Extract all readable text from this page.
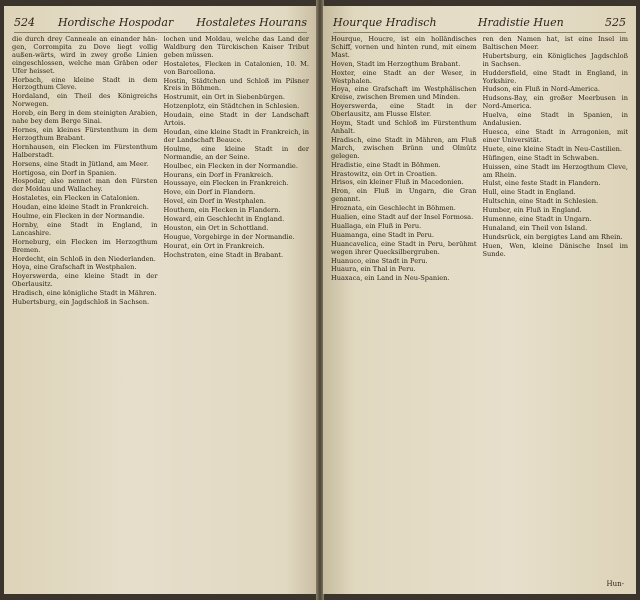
524 Hordische Hospodar Hostaletes Hourans

die durch drey Canneale an einander hän-gen, Corrompita zu Dove liegt vollig außen-wärts, wird in zwey große Linien eingeschlossen, welche man Gräben oder Ufer heisset.

Horbach, eine kleine Stadt in dem Herzogthum Cleve.

Hordaland, ein Theil des Königreichs Norwegen.

Horeb, ein Berg in dem steinigten Arabien, nahe bey dem Berge Sinai.

Hornes, ein kleines Fürstenthum in dem Herzogthum Brabant.

Hornhausen, ein Flecken im Fürstenthum Halberstadt.

Horsens, eine Stadt in Jütland, am Meer.

Hortigosa, ein Dorf in Spanien.

Hospodar, also nennet man den Fürsten der Moldau und Wallachey.

Hostaletes, ein Flecken in Catalonien.

Houdan, eine kleine Stadt in Frankreich.

Houlme, ein Flecken in der Normandie.

Hornby, eine Stadt in England, in Lancashire.

Horneburg, ein Flecken im Herzogthum Bremen.

Hordecht, ein Schloß in den Niederlanden.

Hoya, eine Grafschaft in Westphalen.

Hoyerswerda, eine kleine Stadt in der Oberlausitz.

Hradisch, eine königliche Stadt in Mähren.

Hubertsburg, ein Jagdschloß in Sachsen.

lochen und Moldau, welche das Land der Waldburg den Türckischen Kaiser Tribut geben müssen.

Hostaletes, Flecken in Catalonien, 10. M. von Barcellona.

Hostin, Städtchen und Schloß im Pilsner Kreis in Böhmen.

Hostrumit, ein Ort in Siebenbürgen.

Hotzenplotz, ein Städtchen in Schlesien.

Houdain, eine Stadt in der Landschaft Artois.

Houdan, eine kleine Stadt in Frankreich, in der Landschaft Beauce.

Houlme, eine kleine Stadt in der Normandie, an der Seine.

Houlbec, ein Flecken in der Normandie.

Hourans, ein Dorf in Frankreich.

Houssaye, ein Flecken in Frankreich.

Hove, ein Dorf in Flandern.

Hovel, ein Dorf in Westphalen.

Houthem, ein Flecken in Flandern.

Howard, ein Geschlecht in England.

Houston, ein Ort in Schottland.

Hougue, Vorgebirge in der Normandie.

Hourat, ein Ort in Frankreich.

Hochstraten, eine Stadt in Brabant.

Hourque Hradisch	Hradistie Huen	525

Hourque, Houcre, ist ein holländisches Schiff, vornen und hinten rund, mit einem Mast.

Hoven, Stadt im Herzogthum Brabant.

Hoxter, eine Stadt an der Weser, in Westphalen.

Hoya, eine Grafschaft im Westphälischen Kreise, zwischen Bremen und Minden.

Hoyerswerda, eine Stadt in der Oberlausitz, am Flusse Elster.

Hoym, Stadt und Schloß im Fürstenthum Anhalt.

Hradisch, eine Stadt in Mähren, am Fluß March, zwischen Brünn und Olmütz gelegen.

Hradistie, eine Stadt in Böhmen.

Hrastowitz, ein Ort in Croatien.

Hrisos, ein kleiner Fluß in Macedonien.

Hron, ein Fluß in Ungarn, die Gran genannt.

Hroznata, ein Geschlecht in Böhmen.

Hualien, eine Stadt auf der Insel Formosa.

Huallaga, ein Fluß in Peru.

Huamanga, eine Stadt in Peru.

Huancavelica, eine Stadt in Peru, berühmt wegen ihrer Quecksilbergruben.

Huanuco, eine Stadt in Peru.

Huaura, ein Thal in Peru.

Huaxaca, ein Land in Neu-Spanien.

ren den Namen hat, ist eine Insel im Baltischen Meer.

Hubertsburg, ein Königliches Jagdschloß in Sachsen.

Huddersfield, eine Stadt in England, in Yorkshire.

Hudson, ein Fluß in Nord-America.

Hudsons-Bay, ein großer Meerbusen in Nord-America.

Huelva, eine Stadt in Spanien, in Andalusien.

Huesca, eine Stadt in Arragonien, mit einer Universität.

Huete, eine kleine Stadt in Neu-Castilien.

Hüfingen, eine Stadt in Schwaben.

Huissen, eine Stadt im Herzogthum Cleve, am Rhein.

Hulst, eine feste Stadt in Flandern.

Hull, eine Stadt in England.

Hultschin, eine Stadt in Schlesien.

Humber, ein Fluß in England.

Humenne, eine Stadt in Ungarn.

Hunaland, ein Theil von Island.

Hundsrück, ein bergigtes Land am Rhein.

Huen, Wen, kleine Dänische Insel im Sunde.

Hun-
